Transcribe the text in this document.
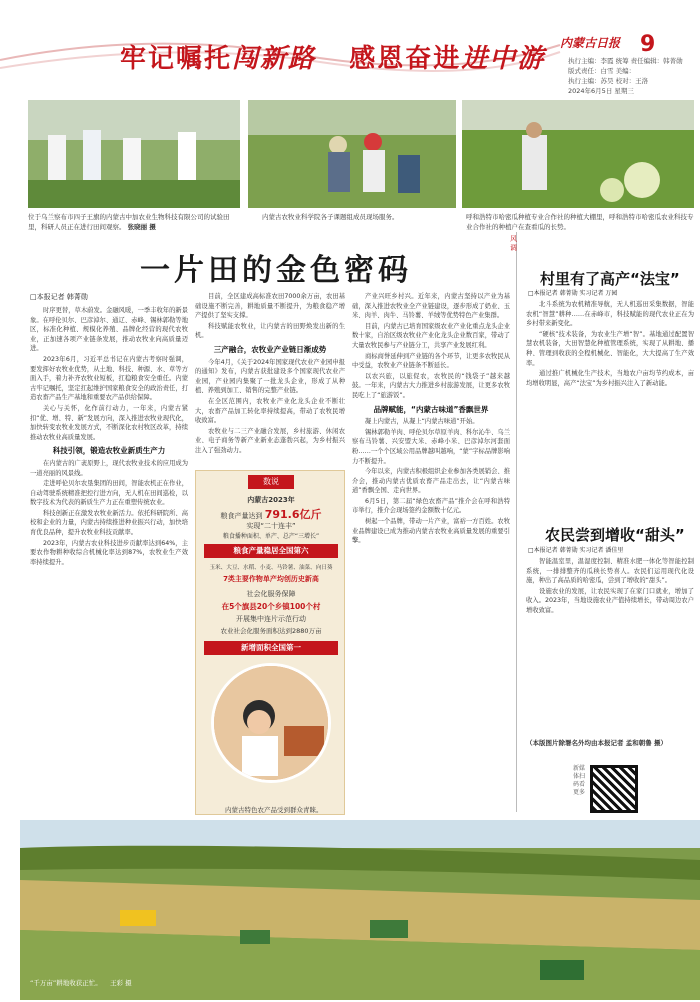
牢记嘱托闯新路 感恩奋进进中游
内蒙古日报 9
执行主编：李霞 统筹 责任编辑：韩菁勋
版式责任：白雪 美编：
执行主编：苏昊 校对：王洛
2024年6月5日 星期三
位于乌兰察布市四子王旗的内蒙古中加农业生物科技有限公司的试验田里，科研人员正在进行田间观察。 张晓丽 摄
内蒙古农牧业科学院各子课题组成员现场服务。	呼和浩特市哈密瓜种植专业合作社的种植大棚里，呼和浩特市哈密瓜农业科技专业合作社的种植户在查看瓜的长势。
一片田的金色密码
□本报记者 韩菁勋

时序更替，草木蔚发。金融风暖，一季丰收年的新景象。在呼伦贝尔、巴彦淖尔、通辽、赤峰、锡林郭勒等地区，标准化种植、规模化养殖、品牌化经营的现代农牧业，正加速各项产业链条发展，推动农牧业向高质量迈进。

2023年6月，习近平总书记在内蒙古考察时强调，要发挥好农牧业优势，从土地、科技、种源、水、草等方面入手，着力补齐农牧业短板，扛稳粮食安全重任。内蒙古牢记嘱托，坚定扛起维护国家粮食安全的政治责任，打造农畜产品生产基地和重要农产品供给保障。

关心与关怀，化作前行动力，一年来，内蒙古紧扣“优、增、特、新”发展方向，深入推进农牧业现代化，加快转变农牧业发展方式，不断深化农村牧区改革，持续推动农牧业高质量发展。

科技引领，锻造农牧业新质生产力

在内蒙古的广袤原野上，现代农牧业技术的应用成为一道亮丽的风景线。

走进呼伦贝尔农垦集团的田间，智能农机正在作业，自动驾驶系统精准把控行进方向，无人机在田间巡检，以数字技术为代表的新质生产力正在重塑传统农业。

科技创新正在激发农牧业新活力。依托科研院所、高校和企业的力量，内蒙古持续推进种业振兴行动，加快培育优良品种，提升农牧业科技贡献率。

2023年，内蒙古农业科技进步贡献率达到64%，主要农作物耕种收综合机械化率达到87%，农牧业生产效率持续提升。

目前，全区建成高标准农田7000余万亩，农田基础设施不断完善，耕地质量不断提升，为粮食稳产增产提供了坚实支撑。

科技赋能农牧业，让内蒙古的田野焕发出新的生机。

三产融合，农牧业产业链日渐成势

今年4月，《关于2024年国家现代农业产业园申报的通知》发布，内蒙古获批建设多个国家现代农业产业园，产业园内集聚了一批龙头企业，形成了从种植、养殖到加工、销售的完整产业链。

在全区范围内，农牧业产业化龙头企业不断壮大，农畜产品加工转化率持续提高，带动了农牧民增收致富。

农牧业与二三产业融合发展，乡村旅游、休闲农业、电子商务等新产业新业态蓬勃兴起，为乡村振兴注入了强劲动力。

数说
内蒙古2023年
粮食产量达到 791.6亿斤
实现“二十连丰”
粮食播种面积、单产、总产“三增长”
粮食产量稳居全国第六
玉米、大豆、水稻、小麦、马铃薯、油菜、向日葵
7类主要作物单产均创历史新高
社会化服务保障
在5个旗县20个乡镇100个村
开展集中连片示范行动
农业社会化服务面积达到2880万亩
新增面积全国第一
内蒙古特色农产品受到群众青睐。

产业兴旺乡村兴。近年来，内蒙古坚持以产业为基础，深入推进农牧业全产业链建设，逐步形成了奶业、玉米、肉羊、肉牛、马铃薯、羊绒等优势特色产业集群。

目前，内蒙古已培育国家级农业产业化重点龙头企业数十家，自治区级农牧业产业化龙头企业数百家，带动了大量农牧民参与产业链分工，共享产业发展红利。

商标商誉延伸到产业链的各个环节，让更多农牧民从中受益，农牧业产业链条不断延长。

以农兴旅，以旅促农，农牧民的“钱袋子”越来越鼓。一年来，内蒙古大力推进乡村旅游发展，让更多农牧民吃上了“旅游饭”。

品牌赋能，“内蒙古味道”香飘世界

凝上内蒙古，从凝上“内蒙古味道”开始。

锡林郭勒羊肉、呼伦贝尔草原羊肉、科尔沁牛、乌兰察布马铃薯、兴安盟大米、赤峰小米、巴彦淖尔河套面粉……一个个区域公用品牌越叫越响，“蒙”字标品牌影响力不断提升。

今年以来，内蒙古积极组织企业参加各类展销会、推介会，推动内蒙古优质农畜产品走出去，让“内蒙古味道”香飘全国、走向世界。

6月5日，第二届“绿色农畜产品”推介会在呼和浩特市举行，推介会现场签约金额数十亿元。

树起一个品牌，带动一片产业，富裕一方百姓。农牧业品牌建设已成为推动内蒙古农牧业高质量发展的重要引擎。

风调
村里有了高产“法宝”
□本报记者 韩菁勋 实习记者 万园

北斗系统为农机精准导航，无人机巡田采集数据，智能农机“智慧”耕种……在赤峰市，科技赋能的现代农业正在为乡村带来新变化。

“硬核”技术装备，为农业生产增“智”。基地通过配置智慧农机装备，大田智慧化种植管理系统，实现了从耕地、播种、管理到收获的全程机械化、智能化，大大提高了生产效率。

通过推广机械化生产技术，当地农户亩均节约成本，亩均增收明显，高产“法宝”为乡村振兴注入了新动能。

农民尝到增收“甜头”
□本报记者 韩菁勋 实习记者 潘佳里

智能温室里，温湿度控制、精准水肥一体化等智能控制系统，一排排整齐的瓜秧长势喜人。农民们运用现代化设施，种出了高品质的哈密瓜，尝到了增收的“甜头”。

设施农业的发展，让农民实现了在家门口就业，增加了收入。2023年，当地设施农业产值持续增长，带动周边农户增收致富。

（本版图片除署名外均由本报记者 孟和朝鲁 摄）
新媒体扫码看更多
“千万亩”耕地收获正忙。 王彩 摄
